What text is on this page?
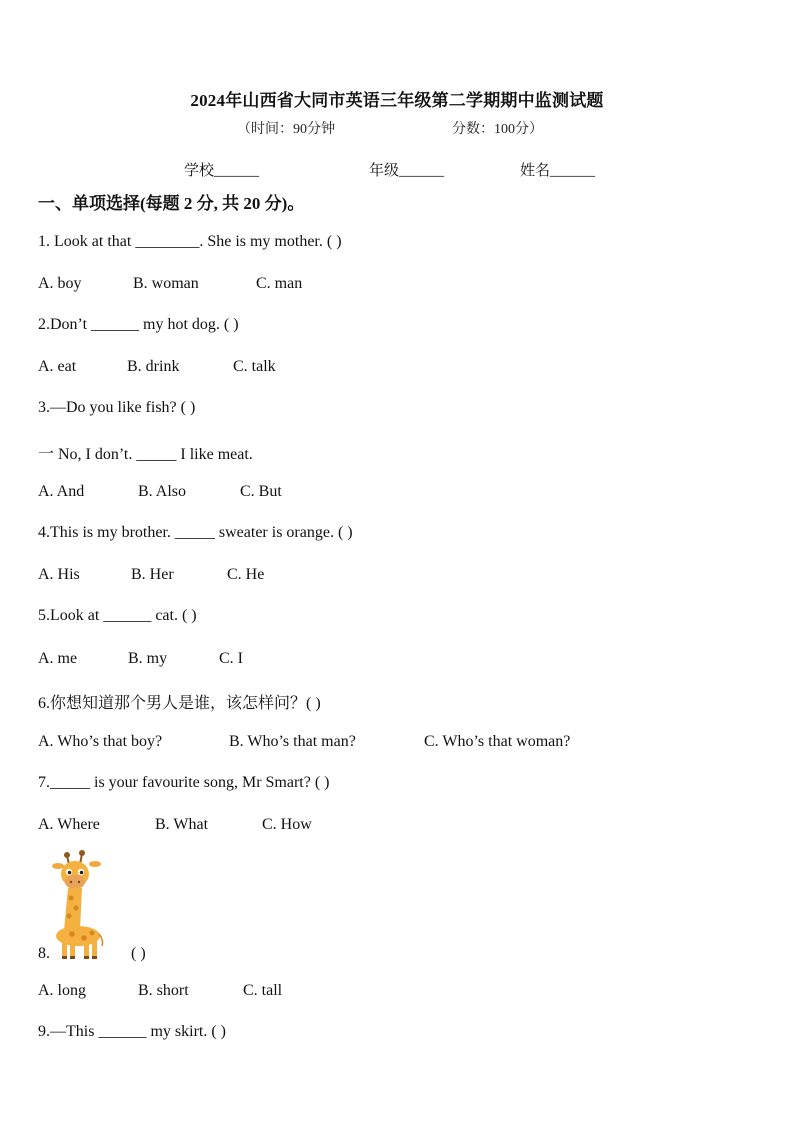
2024年山西省大同市英语三年级第二学期期中监测试题
（时间：90分钟	分数：100分）
学校______	年级______	姓名______
一、单项选择(每题 2 分, 共 20 分)。
1. Look at that ________. She is my mother. ( )
A. boy	B. woman	C. man
2.Don’t ______ my hot dog. ( )
A. eat	B. drink	C. talk
3.—Do you like fish? ( )
一 No, I don’t. _____ I like meat.
A. And	B. Also	C. But
4.This is my brother. _____ sweater is orange. ( )
A. His	B. Her	C. He
5.Look at ______ cat. ( )
A. me	B. my	C. I
6.你想知道那个男人是谁，该怎样问？( )
A. Who’s that boy?	B. Who’s that man?	C. Who’s that woman?
7._____ is your favourite song, Mr Smart? ( )
A. Where	B. What	C. How
8.	( )
A. long	B. short	C. tall
9.—This ______ my skirt. ( )
